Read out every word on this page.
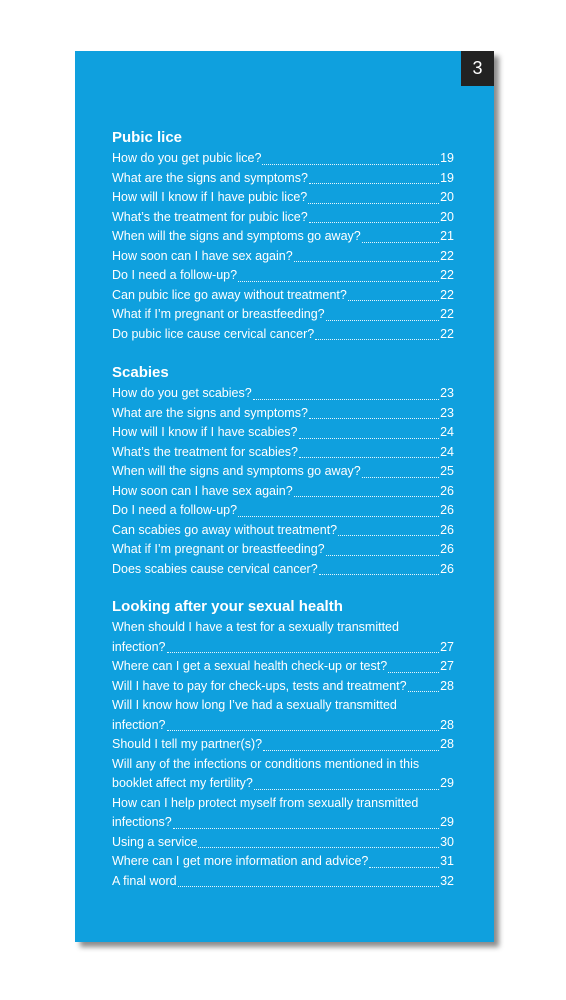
3
Pubic lice
How do you get pubic lice?	19
What are the signs and symptoms?	19
How will I know if I have pubic lice?	20
What’s the treatment for pubic lice?	20
When will the signs and symptoms go away?	21
How soon can I have sex again?	22
Do I need a follow-up?	22
Can pubic lice go away without treatment?	22
What if I’m pregnant or breastfeeding?	22
Do pubic lice cause cervical cancer?	22
Scabies
How do you get scabies?	23
What are the signs and symptoms?	23
How will I know if I have scabies?	24
What’s the treatment for scabies?	24
When will the signs and symptoms go away?	25
How soon can I have sex again?	26
Do I need a follow-up?	26
Can scabies go away without treatment?	26
What if I’m pregnant or breastfeeding?	26
Does scabies cause cervical cancer?	26
Looking after your sexual health
When should I have a test for a sexually transmitted
infection?	27
Where can I get a sexual health check-up or test?	27
Will I have to pay for check-ups, tests and treatment?	28
Will I know how long I’ve had a sexually transmitted
infection?	28
Should I tell my partner(s)?	28
Will any of the infections or conditions mentioned in this
booklet affect my fertility?	29
How can I help protect myself from sexually transmitted
infections?	29
Using a service	30
Where can I get more information and advice?	31
A final word	32
